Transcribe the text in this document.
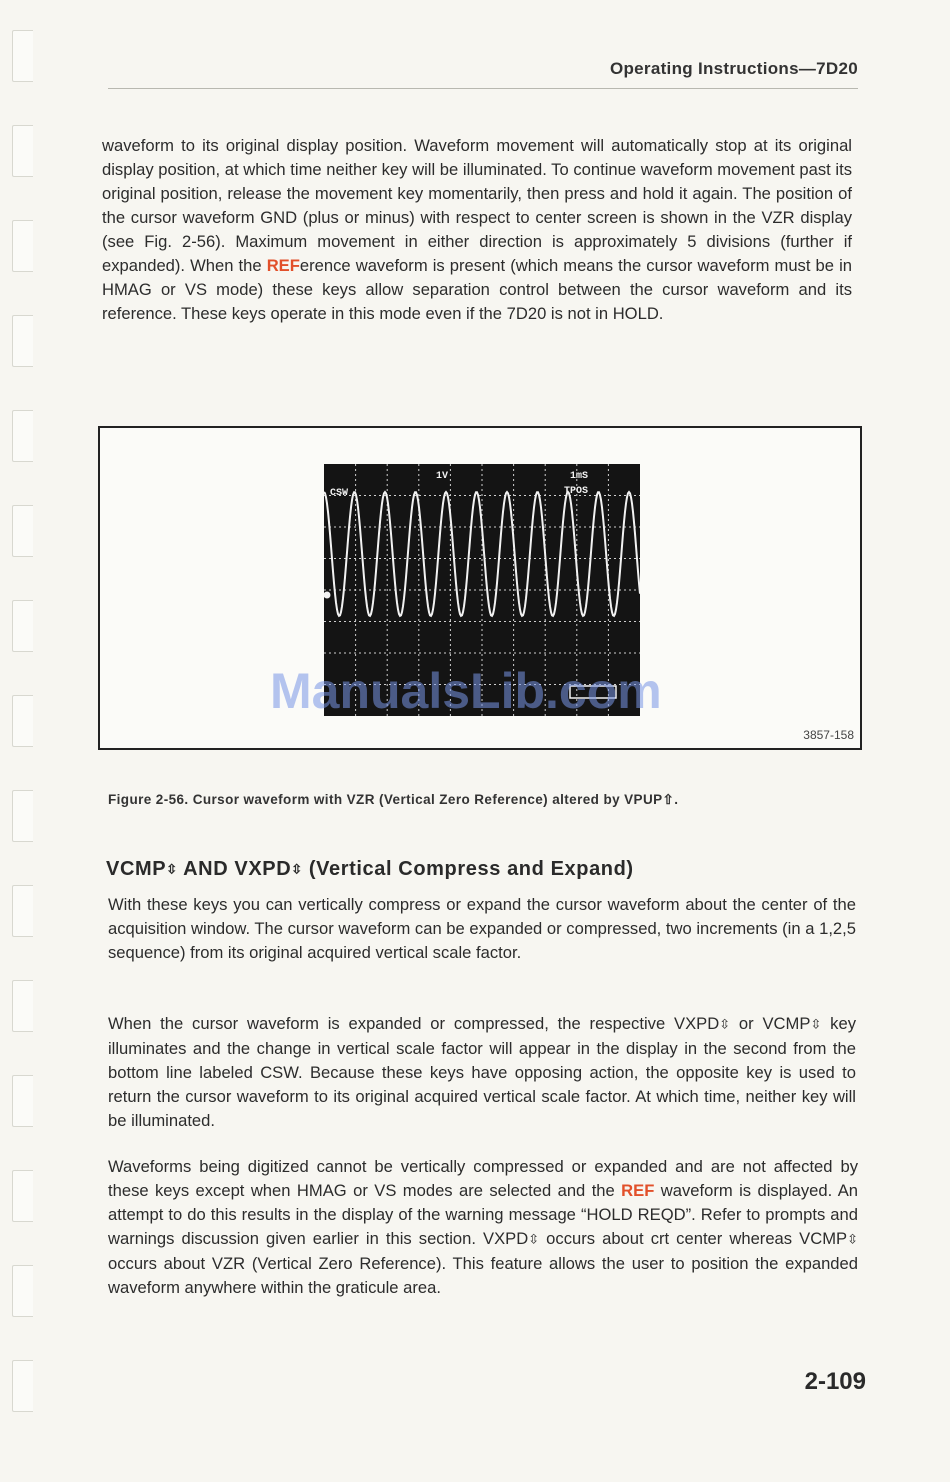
Operating Instructions—7D20
waveform to its original display position. Waveform movement will automatically stop at its original display position, at which time neither key will be illuminated. To continue waveform movement past its original position, release the movement key momentarily, then press and hold it again. The position of the cursor waveform GND (plus or minus) with respect to center screen is shown in the VZR display (see Fig. 2-56). Maximum movement in either direction is approximately 5 divisions (further if expanded). When the REFerence waveform is present (which means the cursor waveform must be in HMAG or VS mode) these keys allow separation control between the cursor waveform and its reference. These keys operate in this mode even if the 7D20 is not in HOLD.
CSW
1V	1mS
TPOS
3857-158
ManualsLib.com
Figure 2-56. Cursor waveform with VZR (Vertical Zero Reference) altered by VPUP⇧.
VCMP⇳ AND VXPD⇳ (Vertical Compress and Expand)
With these keys you can vertically compress or expand the cursor waveform about the center of the acquisition window. The cursor waveform can be expanded or compressed, two increments (in a 1,2,5 sequence) from its original acquired vertical scale factor.
When the cursor waveform is expanded or compressed, the respective VXPD⇳ or VCMP⇳ key illuminates and the change in vertical scale factor will appear in the display in the second from the bottom line labeled CSW. Because these keys have opposing action, the opposite key is used to return the cursor waveform to its original acquired vertical scale factor. At which time, neither key will be illuminated.
Waveforms being digitized cannot be vertically compressed or expanded and are not affected by these keys except when HMAG or VS modes are selected and the REF waveform is displayed. An attempt to do this results in the display of the warning message “HOLD REQD”. Refer to prompts and warnings discussion given earlier in this section. VXPD⇳ occurs about crt center whereas VCMP⇳ occurs about VZR (Vertical Zero Reference). This feature allows the user to position the expanded waveform anywhere within the graticule area.
2-109
